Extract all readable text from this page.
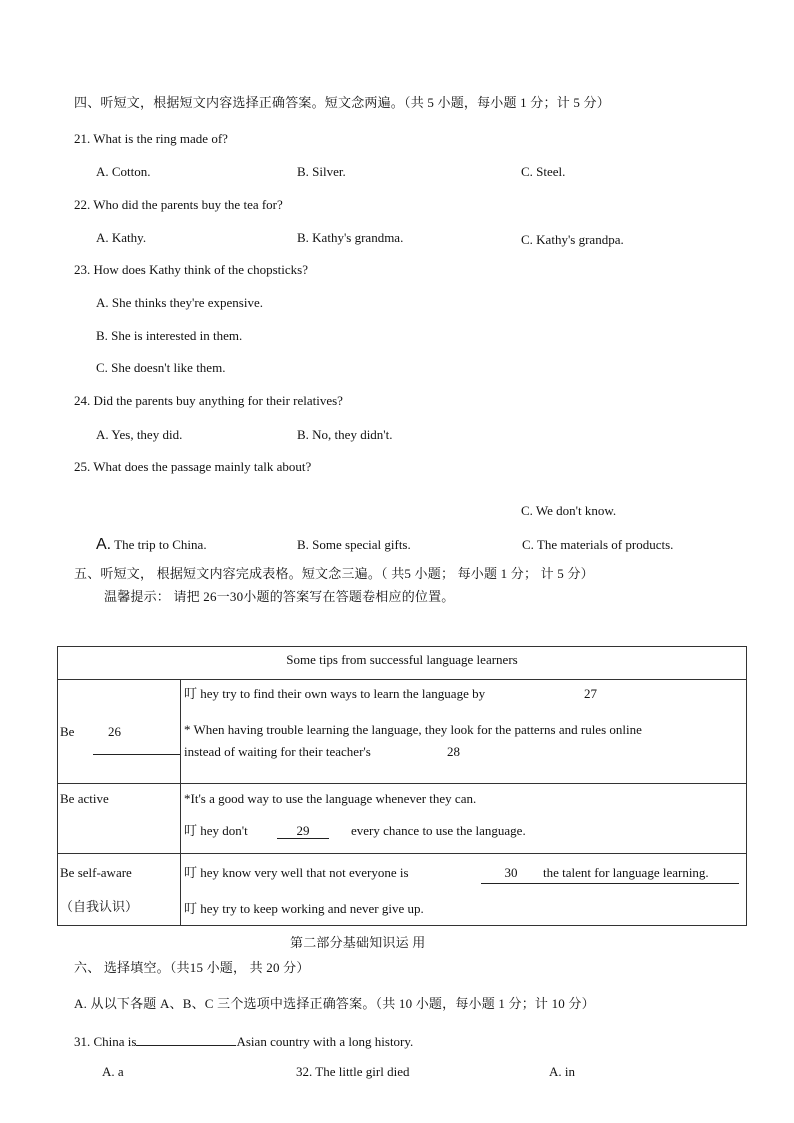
四、听短文，根据短文内容选择正确答案。短文念两遍。（共 5 小题，每小题 1 分；计 5 分）
21. What is the ring made of?
A. Cotton.	B. Silver.	C. Steel.
22. Who did the parents buy the tea for?
A. Kathy.	B. Kathy's grandma.	C. Kathy's grandpa.
23. How does Kathy think of the chopsticks?
A. She thinks they're expensive.
B. She is interested in them.
C. She doesn't like them.
24. Did the parents buy anything for their relatives?
A. Yes, they did.	B. No, they didn't.
C. We don't know.
25. What does the passage mainly talk about?
A. The trip to China.	B. Some special gifts.	C. The materials of products.
五、听短文， 根据短文内容完成表格。短文念三遍。（ 共5 小题； 每小题 1 分； 计 5 分）
温馨提示： 请把 26一30小题的答案写在答题卷相应的位置。
Some tips from successful language learners	

Be 26	叮 hey try to find their own ways to learn the language by 27
* When having trouble learning the language, they look for the patterns and rules online
instead of waiting for their teacher's 28

Be active	*It's a good way to use the language whenever they can.
叮 hey don't 29 every chance to use the language.

Be self-aware
（自我认识）	叮 hey know very well that not everyone is 30 the talent for language learning.
叮 hey try to keep working and never give up.
第二部分基础知识运 用
六、 选择填空。（共15 小题， 共 20 分）
A. 从以下各题 A、B、C 三个选项中选择正确答案。（共 10 小题，每小题 1 分；计 10 分）
31. China is	Asian country with a long history.
A. a	32. The little girl died	A. in
